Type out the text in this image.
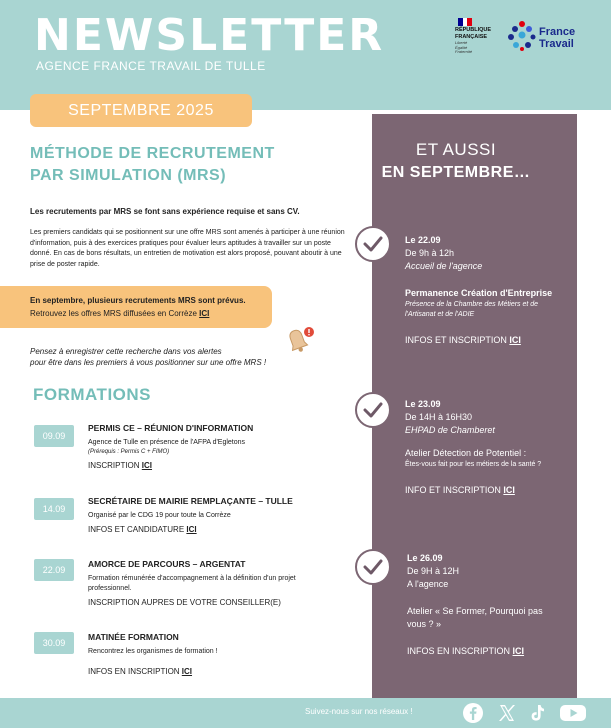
NEWSLETTER
AGENCE FRANCE TRAVAIL DE TULLE
RÉPUBLIQUE
FRANÇAISE
Liberté
Égalité
Fraternité
France
Travail
SEPTEMBRE 2025
MÉTHODE DE RECRUTEMENT
PAR SIMULATION (MRS)
Les recrutements par MRS se font sans expérience requise et sans CV.
Les premiers candidats qui se positionnent sur une offre MRS sont amenés à participer à une réunion d'information, puis à des exercices pratiques pour évaluer leurs aptitudes à travailler sur un poste donné. En cas de bons résultats, un entretien de motivation est alors proposé, pouvant aboutir à une prise de poster rapide.
En septembre, plusieurs recrutements MRS sont prévus.
Retrouvez les offres MRS diffusées en Corrèze ICI
Pensez à enregistrer cette recherche dans vos alertes
pour être dans les premiers à vous positionner sur une offre MRS !
FORMATIONS
09.09
PERMIS CE – RÉUNION D'INFORMATION
Agence de Tulle en présence de l'AFPA d'Egletons
(Prérequis : Permis C + FIMO)
INSCRIPTION ICI
14.09
SECRÉTAIRE DE MAIRIE REMPLAÇANTE – TULLE
Organisé par le CDG 19 pour toute la Corrèze
INFOS ET CANDIDATURE ICI
22.09
AMORCE DE PARCOURS – ARGENTAT
Formation rémunérée d'accompagnement à la définition d'un projet
professionnel.
INSCRIPTION AUPRES DE VOTRE CONSEILLER(E)
30.09
MATINÉE FORMATION
Rencontrez les organismes de formation !
INFOS EN INSCRIPTION ICI
ET AUSSI
EN SEPTEMBRE…
Le 22.09
De 9h à 12h
Accueil de l'agence
Permanence Création d'Entreprise
Présence de la Chambre des Métiers et de
l'Artisanat et de l'ADIE
INFOS ET INSCRIPTION ICI
Le 23.09
De 14H à 16H30
EHPAD de Chamberet
Atelier Détection de Potentiel :
Êtes-vous fait pour les métiers de la santé ?
INFO ET INSCRIPTION ICI
Le 26.09
De 9H à 12H
A l'agence
Atelier « Se Former, Pourquoi pas
vous ? »
INFOS EN INSCRIPTION ICI
Suivez-nous sur nos réseaux !
